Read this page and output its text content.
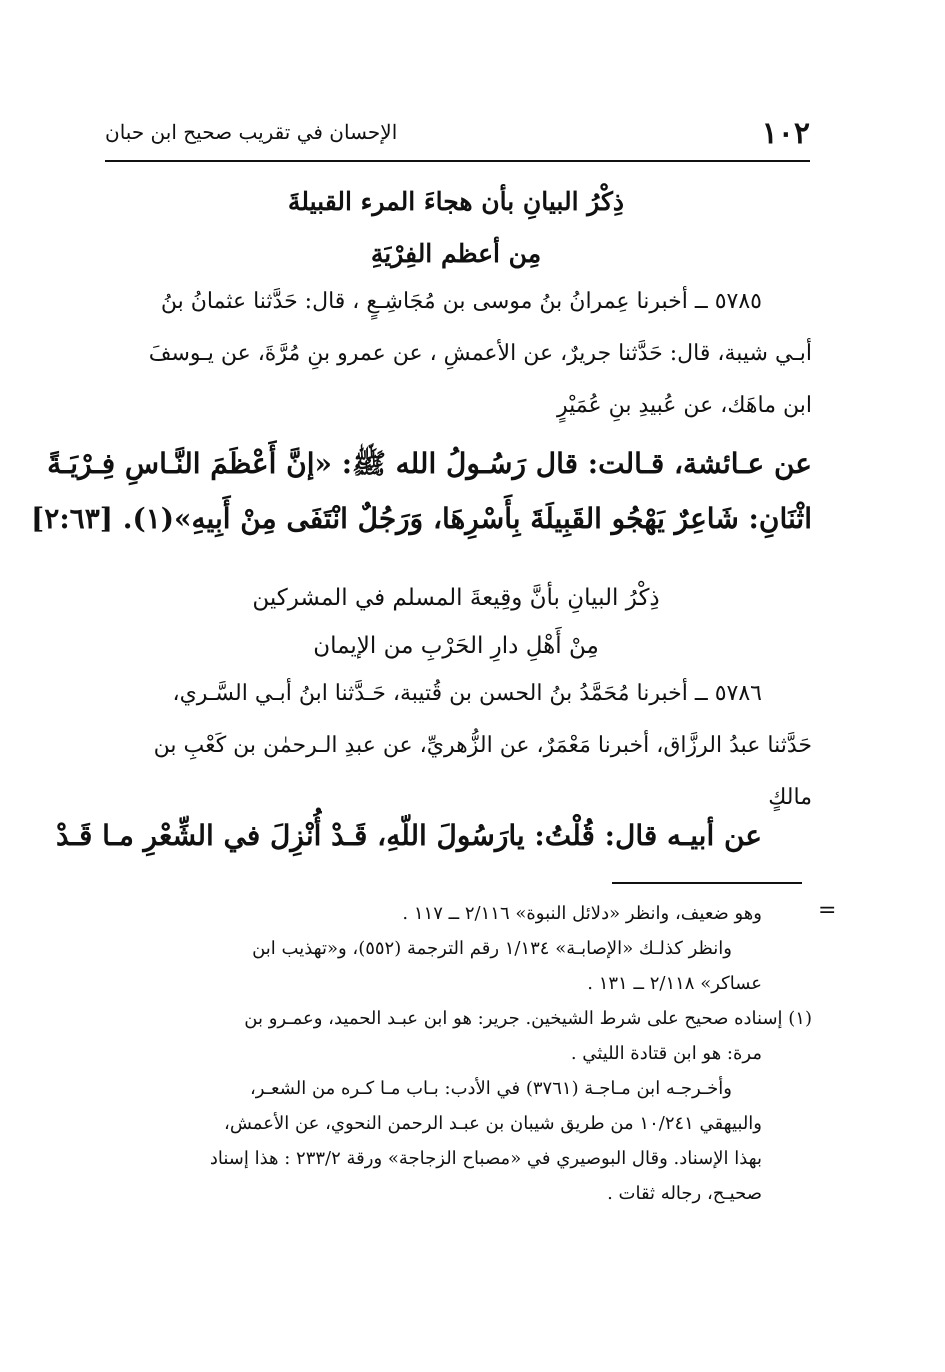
١٠٢
الإحسان في تقريب صحيح ابن حبان
ذِكْرُ البيانِ بأن هجاءَ المرء القبيلةَ
مِن أعظم الفِرْيَةِ
٥٧٨٥ ــ أخبرنا عِمرانُ بنُ موسى بن مُجَاشِـعٍ ، قال: حَدَّثنا عثمانُ بنُ
أبـي شيبة، قال: حَدَّثنا جريرٌ، عن الأعمشِ ، عن عمرو بنِ مُرَّةَ، عن يـوسفَ
ابن ماهَك، عن عُبيدِ بنِ عُمَيْرٍ
عن عـائشة، قـالت: قال رَسُـولُ الله ﷺ: «إنَّ أَعْظَمَ النَّـاسِ فِـرْيَـةً
اثْنَانِ: شَاعِرٌ يَهْجُو القَبِيلَةَ بِأَسْرِهَا، وَرَجُلٌ انْتَفَى مِنْ أَبِيهِ»(١). [٢:٦٣]
ذِكْرُ البيانِ بأنَّ وقِيعةَ المسلم في المشركين
مِنْ أَهْلِ دارِ الحَرْبِ من الإيمان
٥٧٨٦ ــ أخبرنا مُحَمَّدُ بنُ الحسن بن قُتيبة، حَـدَّثنا ابنُ أبـي السَّـري،
حَدَّثنا عبدُ الرزَّاق، أخبرنا مَعْمَرٌ، عن الزُّهريِّ، عن عبدِ الـرحمٰن بن كَعْبِ بن
مالكٍ
عن أبيـه قال: قُلْتُ: يارَسُولَ اللّهِ، قَـدْ أُنْزِلَ في الشِّعْرِ مـا قَـدْ
=
وهو ضعيف، وانظر «دلائل النبوة» ٢/١١٦ ــ ١١٧ .
وانظر كذلـك «الإصابـة» ١/١٣٤ رقم الترجمة (٥٥٢)، و«تهذيب ابن
عساكر» ٢/١١٨ ــ ١٣١ .
(١) إسناده صحيح على شرط الشيخين. جرير: هو ابن عبـد الحميد، وعمـرو بن
مرة: هو ابن قتادة الليثي .
وأخـرجـه ابن مـاجـة (٣٧٦١) في الأدب: بـاب مـا كـره من الشعـر،
والبيهقي ١٠/٢٤١ من طريق شيبان بن عبـد الرحمن النحوي، عن الأعمش،
بهذا الإسناد. وقال البوصيري في «مصباح الزجاجة» ورقة ٢٣٣/٢ : هذا إسناد
صحيـح، رجاله ثقات .
